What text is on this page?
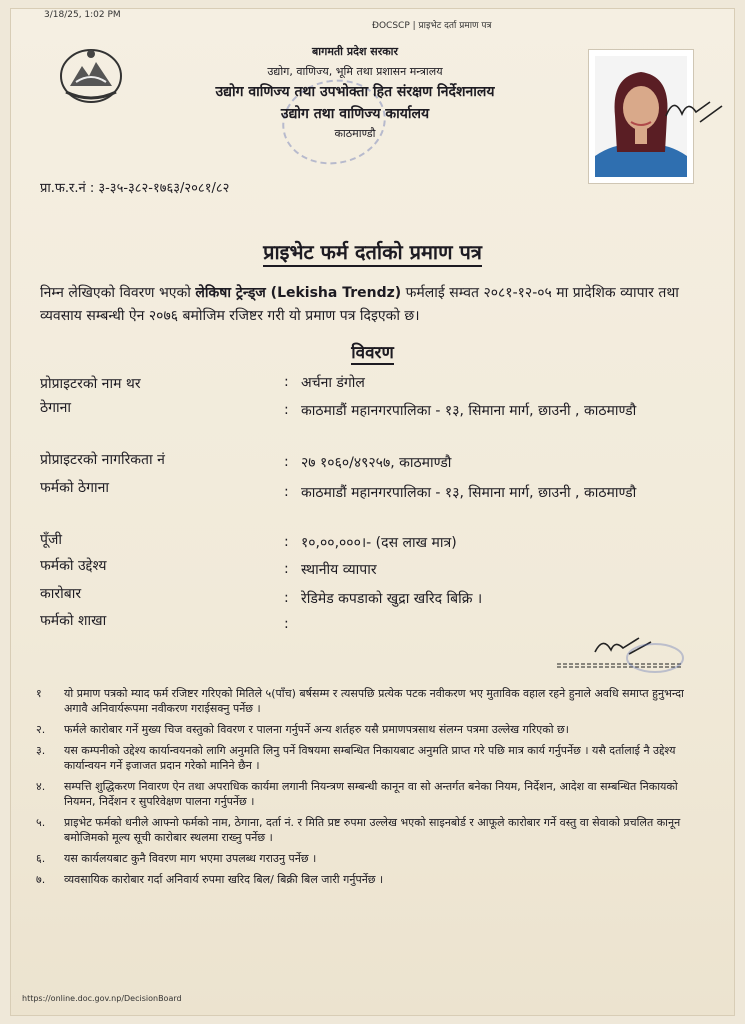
3/18/25, 1:02 PM
ĐOCSCP | प्राइभेट दर्ता प्रमाण पत्र
बागमती प्रदेश सरकार
उद्योग, वाणिज्य, भूमि तथा प्रशासन मन्त्रालय
उद्योग वाणिज्य तथा उपभोक्ता हित संरक्षण निर्देशनालय
उद्योग तथा वाणिज्य कार्यालय
काठमाण्डौ
प्रा.फ.र.नं : ३-३५-३८२-१७६३/२०८१/८२
प्राइभेट फर्म दर्ताको प्रमाण पत्र
निम्न लेखिएको विवरण भएको लेकिषा ट्रेन्ड्ज (Lekisha Trendz) फर्मलाई सम्वत २०८१-१२-०५ मा प्रादेशिक व्यापार तथा व्यवसाय सम्बन्धी ऐन २०७६ बमोजिम रजिष्टर गरी यो प्रमाण पत्र दिइएको छ।
विवरण
प्रोप्राइटरको नाम थर	: अर्चना डंगोल
ठेगाना	: काठमाडौं महानगरपालिका - १३, सिमाना मार्ग, छाउनी , काठमाण्डौ
प्रोप्राइटरको नागरिकता नं	: २७ १०६०/४९२५७, काठमाण्डौ
फर्मको ठेगाना	: काठमाडौं महानगरपालिका - १३, सिमाना मार्ग, छाउनी , काठमाण्डौ
पूँजी	: १०,००,०००।- (दस लाख मात्र)
फर्मको उद्देश्य	: स्थानीय व्यापार
कारोबार	: रेडिमेड कपडाको खुद्रा खरिद बिक्रि ।
फर्मको शाखा	:
१ यो प्रमाण पत्रको म्याद फर्म रजिष्टर गरिएको मितिले ५(पाँच) बर्षसम्म र त्यसपछि प्रत्येक पटक नवीकरण भए मुताविक वहाल रहने हुनाले अवधि समाप्त हुनुभन्दा अगावै अनिवार्यरूपमा नवीकरण गराईसक्नु पर्नेछ ।
२. फर्मले कारोबार गर्ने मुख्य चिज वस्तुको विवरण र पालना गर्नुपर्ने अन्य शर्तहरु यसै प्रमाणपत्रसाथ संलग्न पत्रमा उल्लेख गरिएको छ।
३. यस कम्पनीको उद्देश्य कार्यान्वयनको लागि अनुमति लिनु पर्ने विषयमा सम्बन्धित निकायबाट अनुमति प्राप्त गरे पछि मात्र कार्य गर्नुपर्नेछ । यसै दर्तालाई नै उद्देश्य कार्यान्वयन गर्ने इजाजत प्रदान गरेको मानिने छैन ।
४. सम्पत्ति शुद्धिकरण निवारण ऐन तथा अपराधिक कार्यमा लगानी नियन्त्रण सम्बन्धी कानून वा सो अन्तर्गत बनेका नियम, निर्देशन, आदेश वा सम्बन्धित निकायको नियमन, निर्देशन र सुपरिवेक्षण पालना गर्नुपर्नेछ ।
५. प्राइभेट फर्मको धनीले आफ्नो फर्मको नाम, ठेगाना, दर्ता नं. र मिति प्रष्ट रुपमा उल्लेख भएको साइनबोर्ड र आफूले कारोबार गर्ने वस्तु वा सेवाको प्रचलित कानून बमोजिमको मूल्य सूची कारोबार स्थलमा राख्नु पर्नेछ ।
६. यस कार्यलयबाट कुनै विवरण माग भएमा उपलब्ध गराउनु पर्नेछ ।
७. व्यवसायिक कारोबार गर्दा अनिवार्य रुपमा खरिद बिल/ बिक्री बिल जारी गर्नुपर्नेछ ।
https://online.doc.gov.np/DecisionBoard
